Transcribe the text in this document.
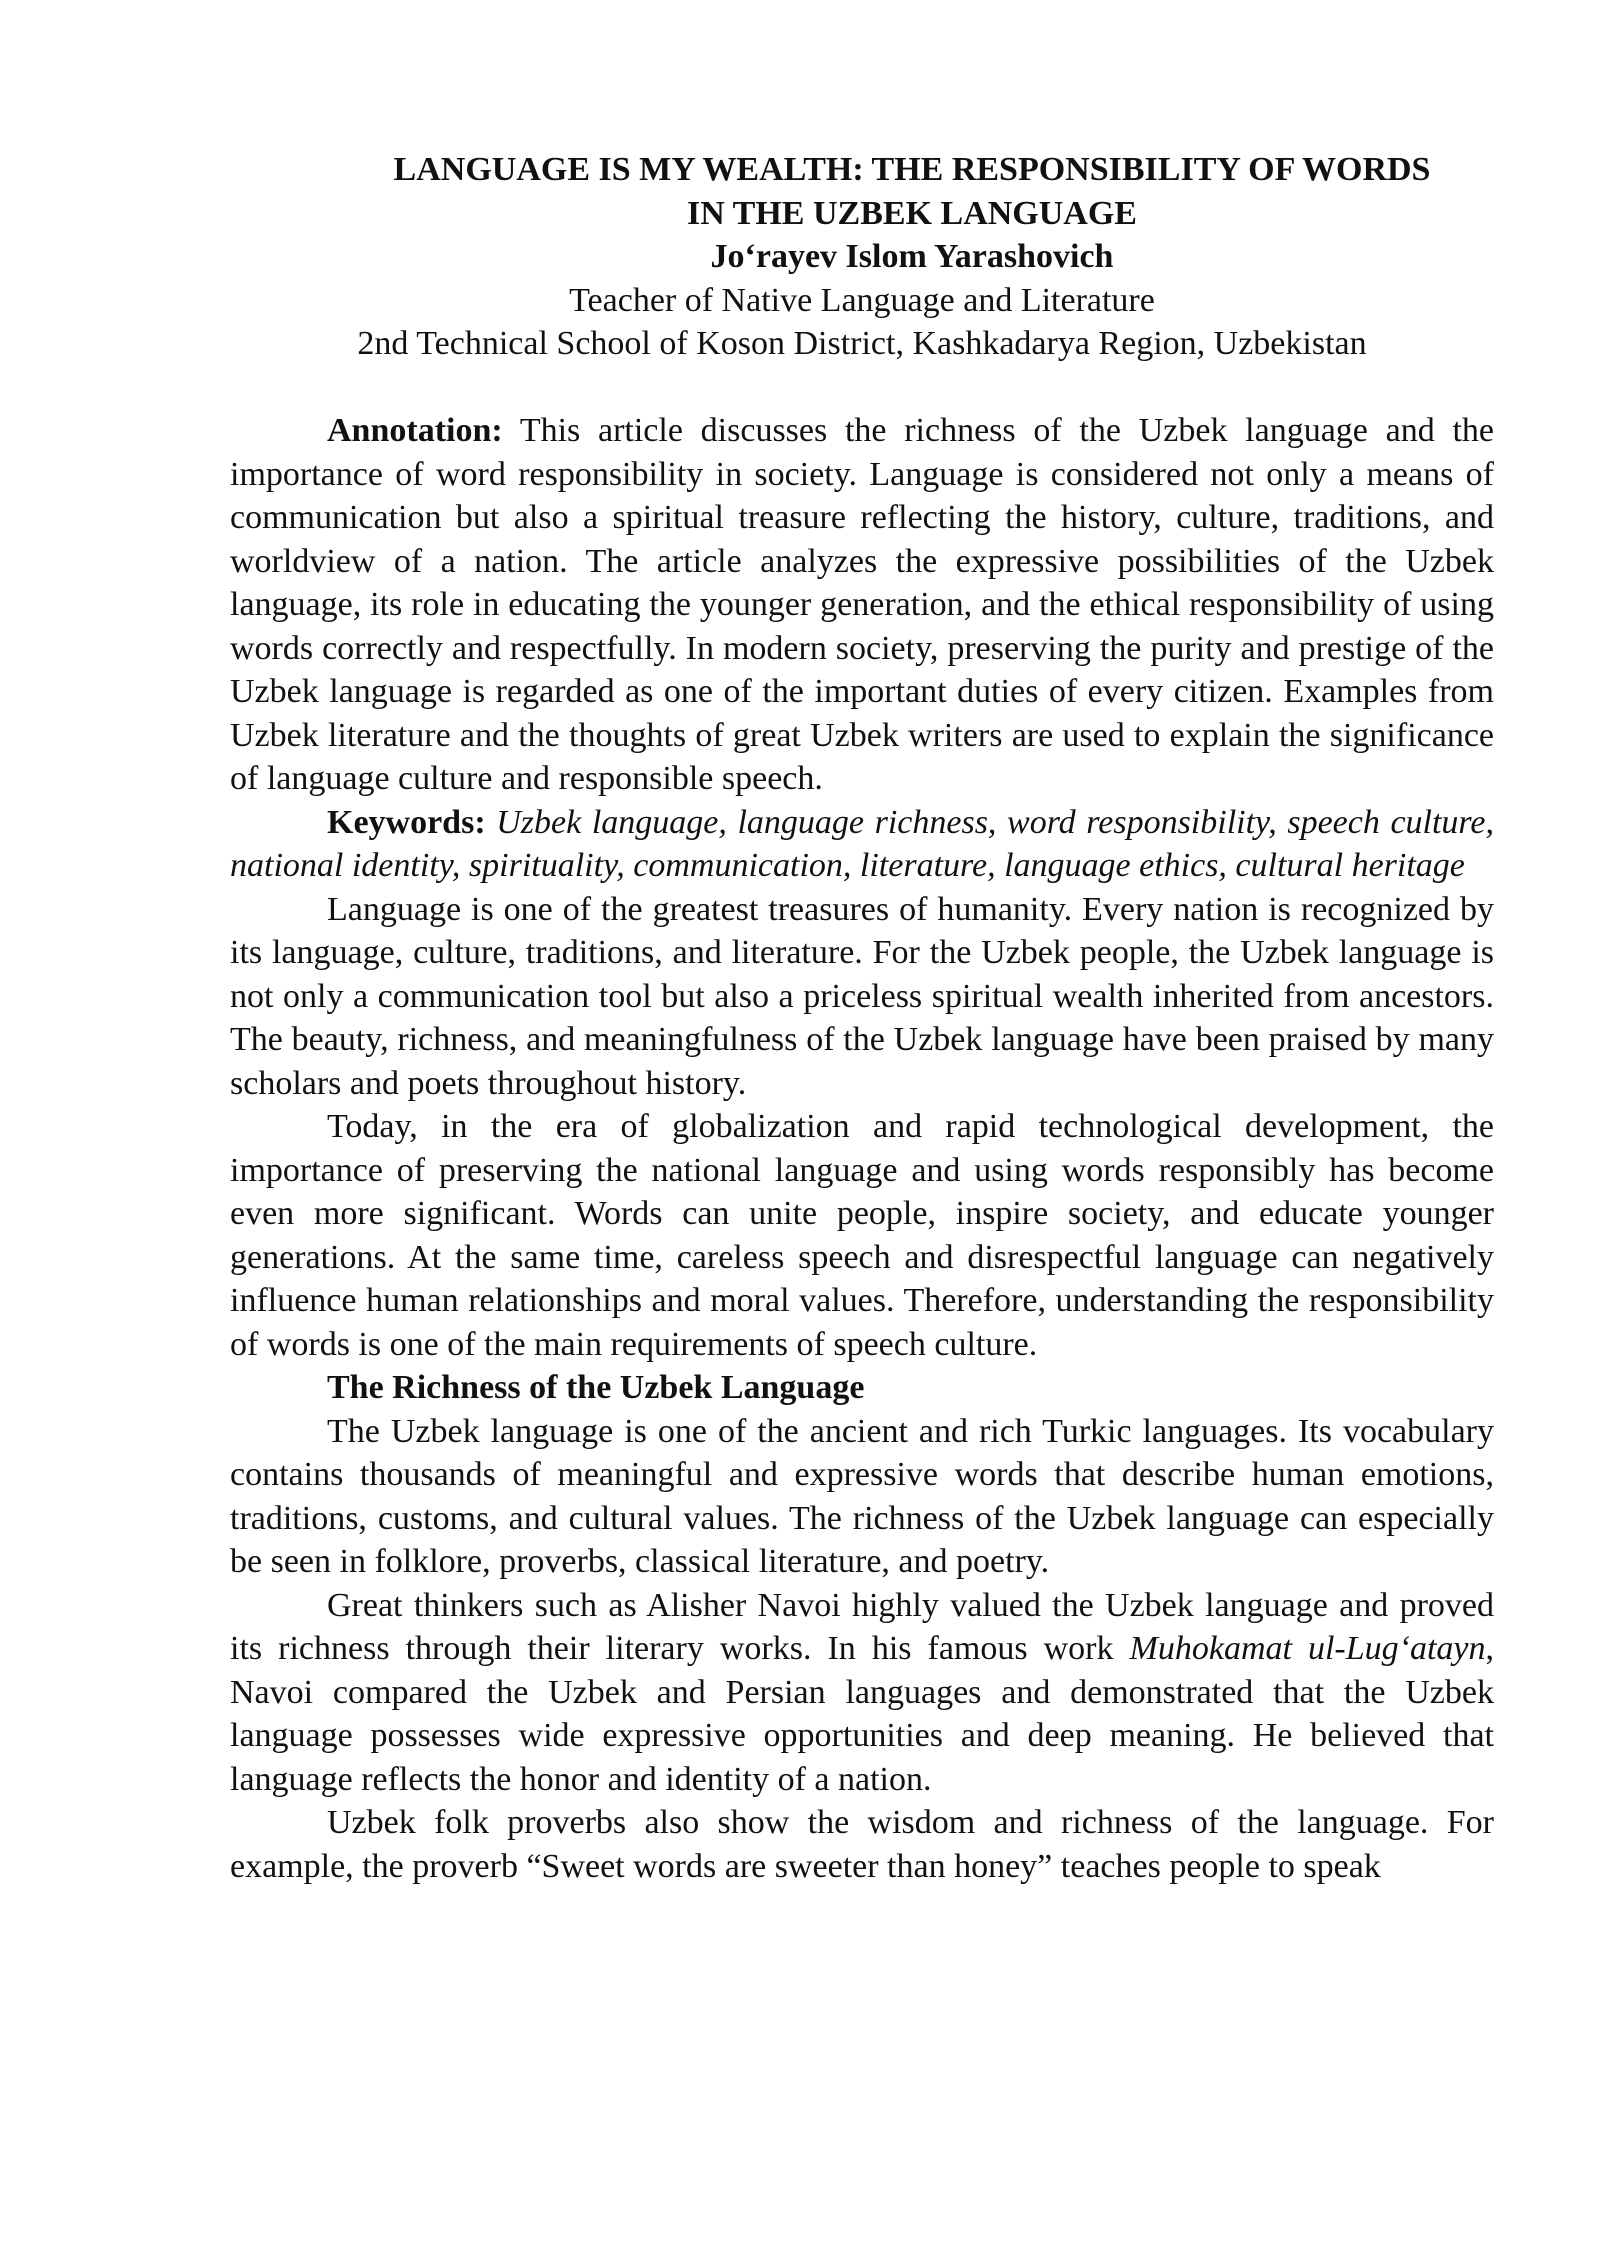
LANGUAGE IS MY WEALTH: THE RESPONSIBILITY OF WORDS
IN THE UZBEK LANGUAGE
Jo‘rayev Islom Yarashovich
Teacher of Native Language and Literature
2nd Technical School of Koson District, Kashkadarya Region, Uzbekistan

Annotation: This article discusses the richness of the Uzbek language and the importance of word responsibility in society. Language is considered not only a means of communication but also a spiritual treasure reflecting the history, culture, traditions, and worldview of a nation. The article analyzes the expressive possibilities of the Uzbek language, its role in educating the younger generation, and the ethical responsibility of using words correctly and respectfully. In modern society, preserving the purity and prestige of the Uzbek language is regarded as one of the important duties of every citizen. Examples from Uzbek literature and the thoughts of great Uzbek writers are used to explain the significance of language culture and responsible speech.

Keywords: Uzbek language, language richness, word responsibility, speech culture, national identity, spirituality, communication, literature, language ethics, cultural heritage

Language is one of the greatest treasures of humanity. Every nation is recognized by its language, culture, traditions, and literature. For the Uzbek people, the Uzbek language is not only a communication tool but also a priceless spiritual wealth inherited from ancestors. The beauty, richness, and meaningfulness of the Uzbek language have been praised by many scholars and poets throughout history.

Today, in the era of globalization and rapid technological development, the importance of preserving the national language and using words responsibly has become even more significant. Words can unite people, inspire society, and educate younger generations. At the same time, careless speech and disrespectful language can negatively influence human relationships and moral values. Therefore, understanding the responsibility of words is one of the main requirements of speech culture.

The Richness of the Uzbek Language

The Uzbek language is one of the ancient and rich Turkic languages. Its vocabulary contains thousands of meaningful and expressive words that describe human emotions, traditions, customs, and cultural values. The richness of the Uzbek language can especially be seen in folklore, proverbs, classical literature, and poetry.

Great thinkers such as Alisher Navoi highly valued the Uzbek language and proved its richness through their literary works. In his famous work Muhokamat ul-Lug‘atayn, Navoi compared the Uzbek and Persian languages and demonstrated that the Uzbek language possesses wide expressive opportunities and deep meaning. He believed that language reflects the honor and identity of a nation.

Uzbek folk proverbs also show the wisdom and richness of the language. For example, the proverb “Sweet words are sweeter than honey” teaches people to speak
